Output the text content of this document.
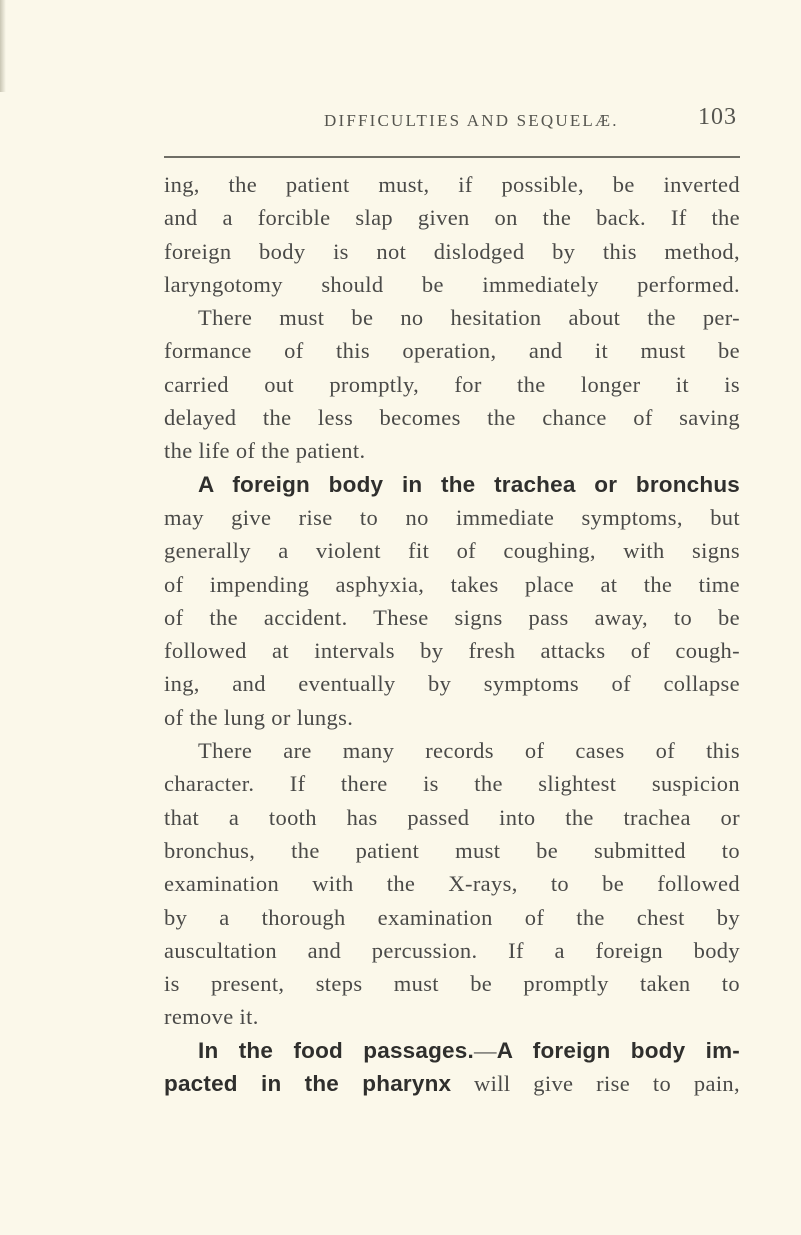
DIFFICULTIES AND SEQUELÆ.	103
ing, the patient must, if possible, be inverted
and a forcible slap given on the back. If the
foreign body is not dislodged by this method,
laryngotomy should be immediately performed.
There must be no hesitation about the per-
formance of this operation, and it must be
carried out promptly, for the longer it is
delayed the less becomes the chance of saving
the life of the patient.
A foreign body in the trachea or bronchus
may give rise to no immediate symptoms, but
generally a violent fit of coughing, with signs
of impending asphyxia, takes place at the time
of the accident. These signs pass away, to be
followed at intervals by fresh attacks of cough-
ing, and eventually by symptoms of collapse
of the lung or lungs.
There are many records of cases of this
character. If there is the slightest suspicion
that a tooth has passed into the trachea or
bronchus, the patient must be submitted to
examination with the X-rays, to be followed
by a thorough examination of the chest by
auscultation and percussion. If a foreign body
is present, steps must be promptly taken to
remove it.
In the food passages.—A foreign body im-
pacted in the pharynx will give rise to pain,
